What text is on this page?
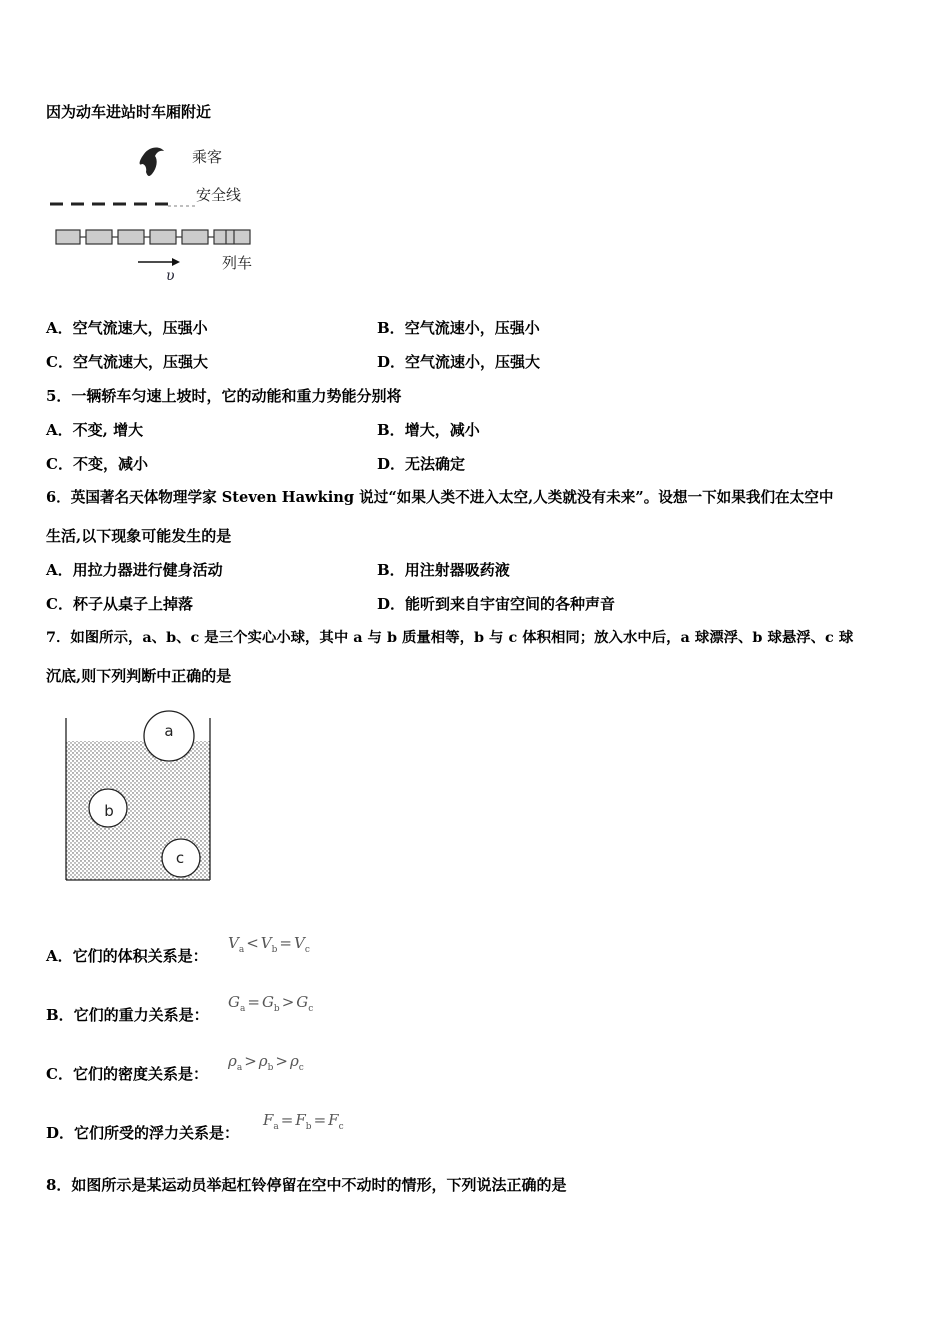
因为动车进站时车厢附近
乘客
安全线
列车
υ
A．空气流速大，压强小	B．空气流速小，压强小
C．空气流速大，压强大	D．空气流速小，压强大
5．一辆轿车匀速上坡时，它的动能和重力势能分别将
A．不变, 增大	B．增大，减小
C．不变，减小	D．无法确定
6．英国著名天体物理学家 Steven Hawking 说过“如果人类不进入太空,人类就没有未来”。设想一下如果我们在太空中
生活,以下现象可能发生的是
A．用拉力器进行健身活动	B．用注射器吸药液
C．杯子从桌子上掉落	D．能听到来自宇宙空间的各种声音
7．如图所示，a、b、c 是三个实心小球，其中 a 与 b 质量相等，b 与 c 体积相同；放入水中后，a 球漂浮、b 球悬浮、c 球
沉底,则下列判断中正确的是
a
b
c
A．它们的体积关系是：
$V_a < V_b = V_c$
B．它们的重力关系是：
$G_a = G_b > G_c$
C．它们的密度关系是：
$\rho_a > \rho_b > \rho_c$
D．它们所受的浮力关系是：
$F_a = F_b = F_c$
8．如图所示是某运动员举起杠铃停留在空中不动时的情形，下列说法正确的是
